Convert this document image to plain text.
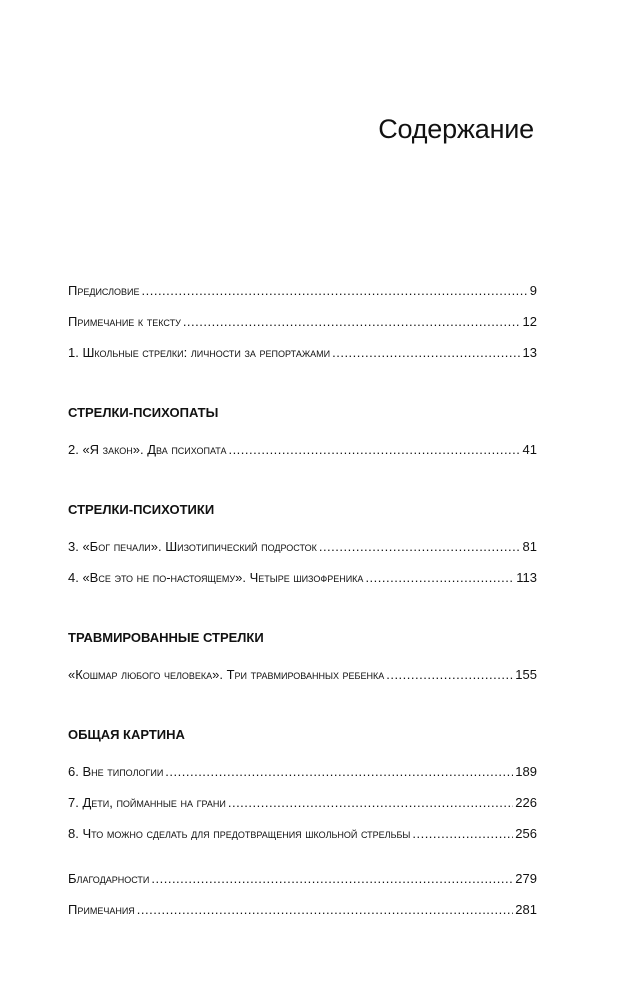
Содержание
Предисловие .....	9
Примечание к тексту .....	12
1. Школьные стрелки: личности за репортажами .....	13
СТРЕЛКИ-ПСИХОПАТЫ
2. «Я закон». Два психопата .....	41
СТРЕЛКИ-ПСИХОТИКИ
3. «Бог печали». Шизотипический подросток .....	81
4. «Все это не по-настоящему». Четыре шизофреника .....	113
ТРАВМИРОВАННЫЕ СТРЕЛКИ
«Кошмар любого человека». Три травмированных ребенка .....	155
ОБЩАЯ КАРТИНА
6. Вне типологии .....	189
7. Дети, пойманные на грани .....	226
8. Что можно сделать для предотвращения школьной стрельбы .....	256
Благодарности .....	279
Примечания .....	281
